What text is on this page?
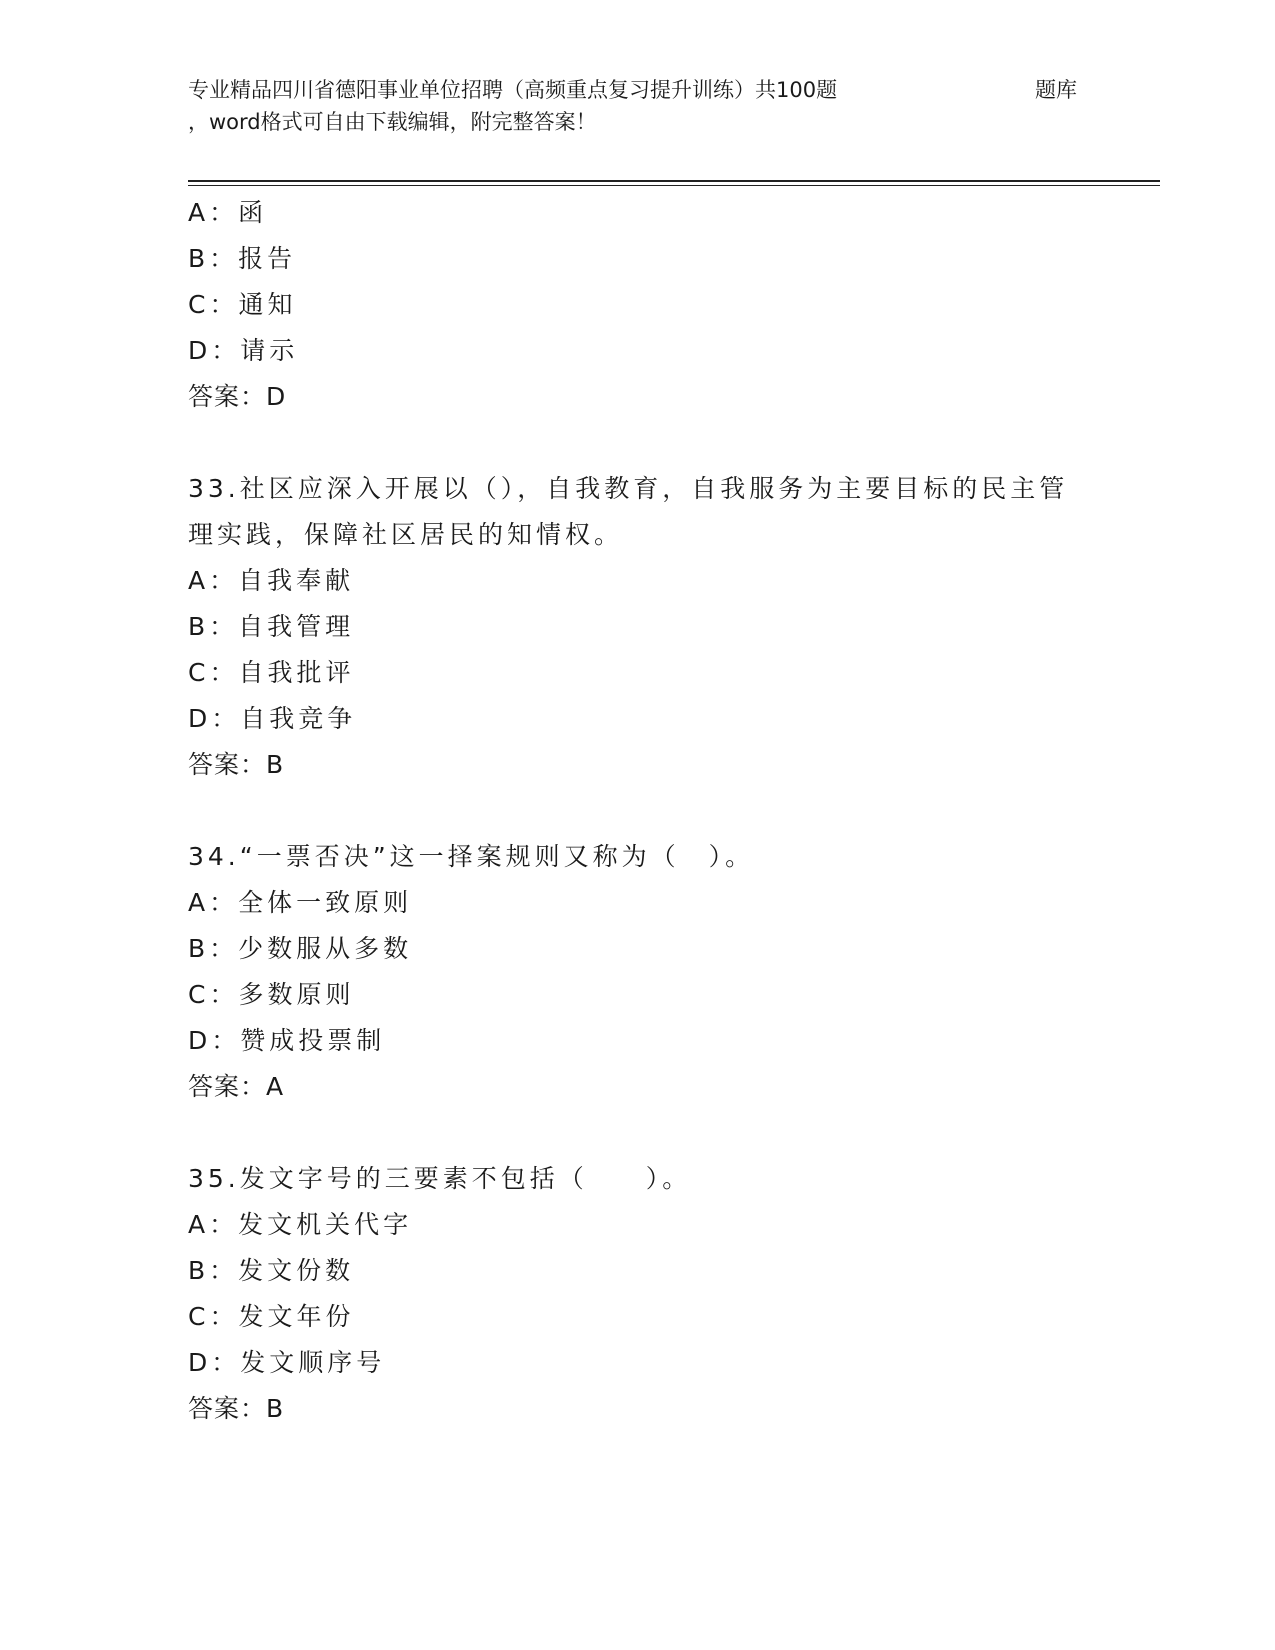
专业精品四川省德阳事业单位招聘（高频重点复习提升训练）共100题	题库
，word格式可自由下载编辑，附完整答案！
A：函
B：报告
C：通知
D：请示
答案：D
33.社区应深入开展以（），自我教育，自我服务为主要目标的民主管
理实践，保障社区居民的知情权。
A：自我奉献
B：自我管理
C：自我批评
D：自我竞争
答案：B
34.“一票否决”这一择案规则又称为（　）。
A：全体一致原则
B：少数服从多数
C：多数原则
D：赞成投票制
答案：A
35.发文字号的三要素不包括（　　）。
A：发文机关代字
B：发文份数
C：发文年份
D：发文顺序号
答案：B
